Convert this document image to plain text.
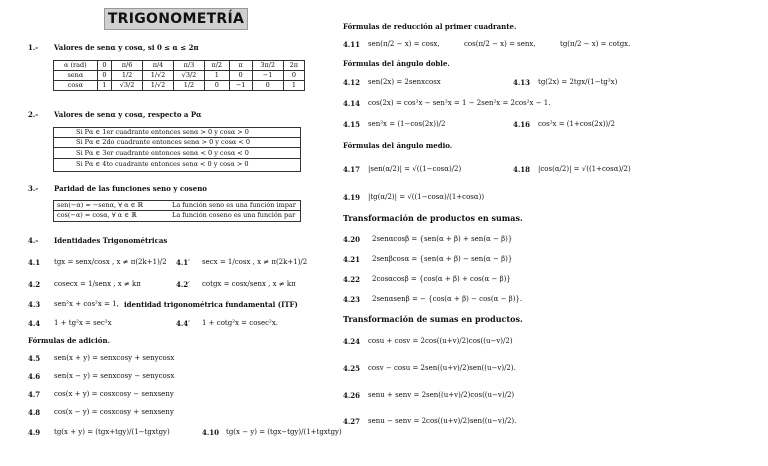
TRIGONOMETRÍA
1.- Valores de senα y cosα, si 0 ≤ α ≤ 2π
α (rad)	0	π/6	π/4	π/3	π/2	π	3π/2	2π
senα	0	1/2	1/√2	√3/2	1	0	−1	0
cosα	1	√3/2	1/√2	1/2	0	−1	0	1
2.- Valores de senα y cosα, respecto a Pα
Si Pα ∈ 1er cuadrante entonces senα > 0 y cosα > 0
Si Pα ∈ 2do cuadrante entonces senα > 0 y cosα < 0
Si Pα ∈ 3er cuadrante entonces senα < 0 y cosα < 0
Si Pα ∈ 4to cuadrante entonces senα < 0 y cosα > 0
3.- Paridad de las funciones seno y coseno
sen(−α) = −senα, ∀ α ∈ ℝ	La función seno es una función impar
cos(−α) = cosα, ∀ α ∈ ℝ	La función coseno es una función par
4.- Identidades Trigonométricas
4.1 tgx = senx/cosx , x ≠ π(2k+1)/2 4.1′ secx = 1/cosx , x ≠ π(2k+1)/2
4.2 cosecx = 1/senx , x ≠ kπ	4.2′ cotgx = cosx/senx , x ≠ kπ
4.3 sen²x + cos²x = 1, identidad trigonométrica fundamental (ITF)
4.4 1 + tg²x = sec²x	4.4′ 1 + cotg²x = cosec²x.
Fórmulas de adición.
4.5 sen(x + y) = senxcosy + senycosx
4.6 sen(x − y) = senxcosy − senycosx
4.7 cos(x + y) = cosxcosy − senxseny
4.8 cos(x − y) = cosxcosy + senxseny
4.9 tg(x + y) = (tgx+tgy)/(1−tgxtgy)	4.10 tg(x − y) = (tgx−tgy)/(1+tgxtgy)
Fórmulas de reducción al primer cuadrante.
4.11 sen(π/2 − x) = cosx,	cos(π/2 − x) = senx,	tg(π/2 − x) = cotgx.
Fórmulas del ángulo doble.
4.12 sen(2x) = 2senxcosx	4.13 tg(2x) = 2tgx/(1−tg²x)
4.14 cos(2x) = cos²x − sen²x = 1 − 2sen²x = 2cos²x − 1.
4.15 sen²x = (1−cos(2x))/2	4.16 cos²x = (1+cos(2x))/2
Fórmulas del ángulo medio.
4.17 |sen(α/2)| = √((1−cosα)/2)	4.18 |cos(α/2)| = √((1+cosα)/2)
4.19 |tg(α/2)| = √((1−cosα)/(1+cosα))
Transformación de productos en sumas.
4.20 2senαcosβ = {sen(α + β) + sen(α − β)}
4.21 2senβcosα = {sen(α + β) − sen(α − β)}
4.22 2cosαcosβ = {cos(α + β) + cos(α − β)}
4.23 2senαsenβ = − {cos(α + β) − cos(α − β)}.
Transformación de sumas en productos.
4.24 cosu + cosv = 2cos((u+v)/2)cos((u−v)/2)
4.25 cosv − cosu = 2sen((u+v)/2)sen((u−v)/2).
4.26 senu + senv = 2sen((u+v)/2)cos((u−v)/2)
4.27 senu − senv = 2cos((u+v)/2)sen((u−v)/2).
